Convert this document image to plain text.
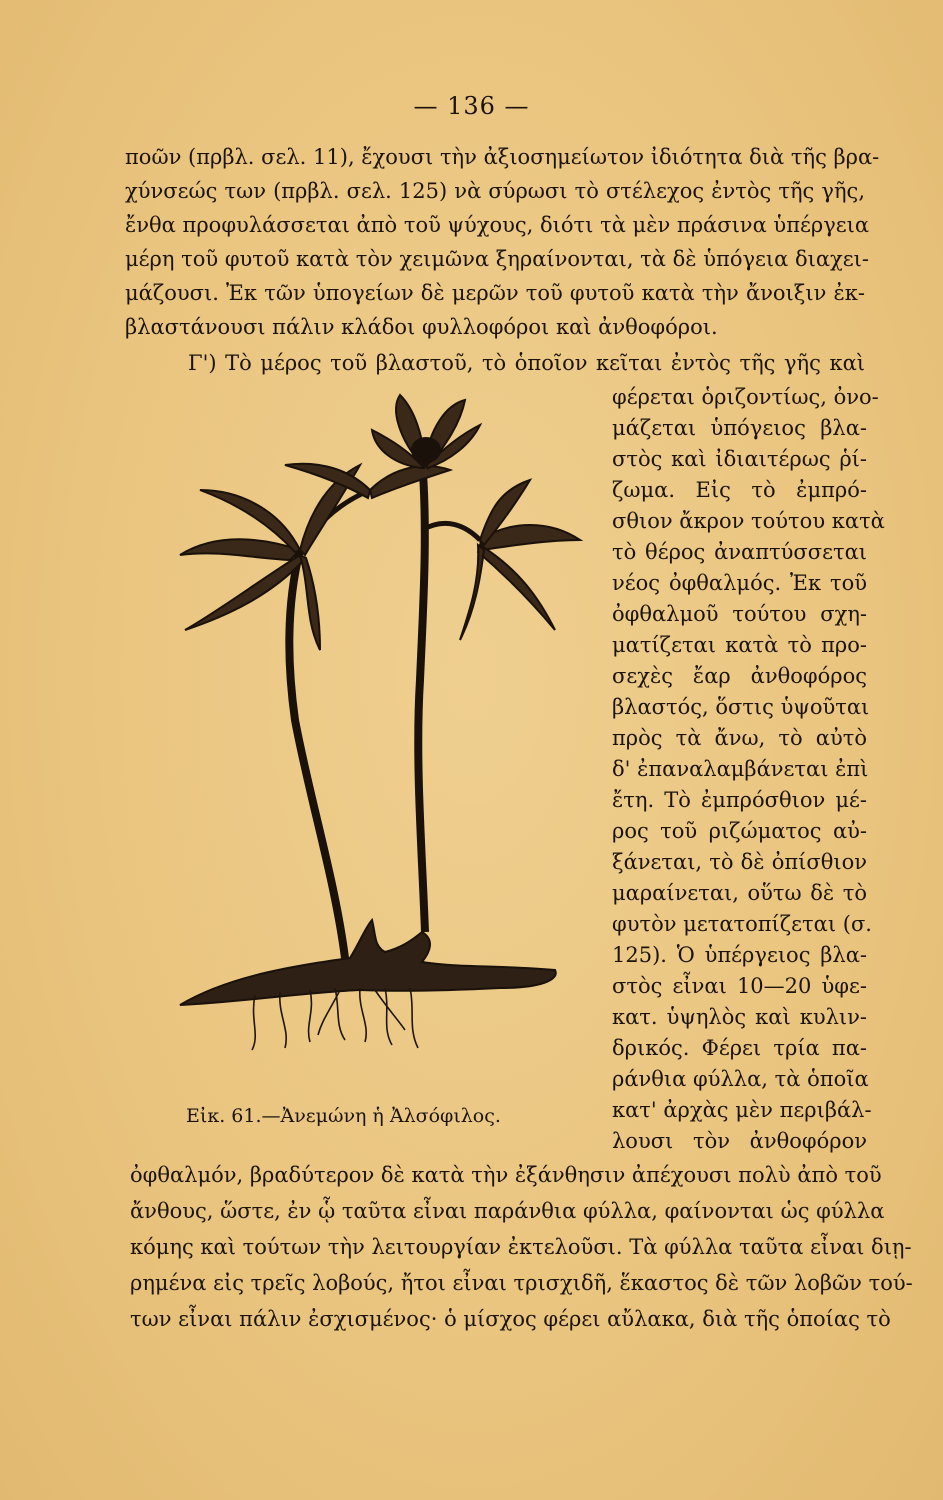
— 136 —
ποῶν (πρβλ. σελ. 11), ἔχουσι τὴν ἀξιοσημείωτον ἰδιότητα διὰ τῆς βρα-
χύνσεώς των (πρβλ. σελ. 125) νὰ σύρωσι τὸ στέλεχος ἐντὸς τῆς γῆς,
ἔνθα προφυλάσσεται ἀπὸ τοῦ ψύχους, διότι τὰ μὲν πράσινα ὑπέργεια
μέρη τοῦ φυτοῦ κατὰ τὸν χειμῶνα ξηραίνονται, τὰ δὲ ὑπόγεια διαχει-
μάζουσι. Ἐκ τῶν ὑπογείων δὲ μερῶν τοῦ φυτοῦ κατὰ τὴν ἄνοιξιν ἐκ-
βλαστάνουσι πάλιν κλάδοι φυλλοφόροι καὶ ἀνθοφόροι.
Γ') Τὸ μέρος τοῦ βλαστοῦ, τὸ ὁποῖον κεῖται ἐντὸς τῆς γῆς καὶ
φέρεται ὁριζοντίως, ὀνο-
μάζεται ὑπόγειος βλα-
στὸς καὶ ἰδιαιτέρως ῥί-
ζωμα. Εἰς τὸ ἐμπρό-
σθιον ἄκρον τούτου κατὰ
τὸ θέρος ἀναπτύσσεται
νέος ὀφθαλμός. Ἐκ τοῦ
ὀφθαλμοῦ τούτου σχη-
ματίζεται κατὰ τὸ προ-
σεχὲς ἔαρ ἀνθοφόρος
βλαστός, ὅστις ὑψοῦται
πρὸς τὰ ἄνω, τὸ αὐτὸ
δ' ἐπαναλαμβάνεται ἐπὶ
ἔτη. Τὸ ἐμπρόσθιον μέ-
ρος τοῦ ριζώματος αὐ-
ξάνεται, τὸ δὲ ὀπίσθιον
μαραίνεται, οὕτω δὲ τὸ
φυτὸν μετατοπίζεται (σ.
125). Ὁ ὑπέργειος βλα-
στὸς εἶναι 10—20 ὑφε-
κατ. ὑψηλὸς καὶ κυλιν-
δρικός. Φέρει τρία πα-
ράνθια φύλλα, τὰ ὁποῖα
κατ' ἀρχὰς μὲν περιβάλ-
λουσι τὸν ἀνθοφόρον
Εἰκ. 61.—Ἀνεμώνη ἡ Ἀλσόφιλος.
ὀφθαλμόν, βραδύτερον δὲ κατὰ τὴν ἐξάνθησιν ἀπέχουσι πολὺ ἀπὸ τοῦ
ἄνθους, ὥστε, ἐν ᾧ ταῦτα εἶναι παράνθια φύλλα, φαίνονται ὡς φύλλα
κόμης καὶ τούτων τὴν λειτουργίαν ἐκτελοῦσι. Τὰ φύλλα ταῦτα εἶναι διῃ-
ρημένα εἰς τρεῖς λοβούς, ἤτοι εἶναι τρισχιδῆ, ἕκαστος δὲ τῶν λοβῶν τού-
των εἶναι πάλιν ἐσχισμένος· ὁ μίσχος φέρει αὔλακα, διὰ τῆς ὁποίας τὸ
